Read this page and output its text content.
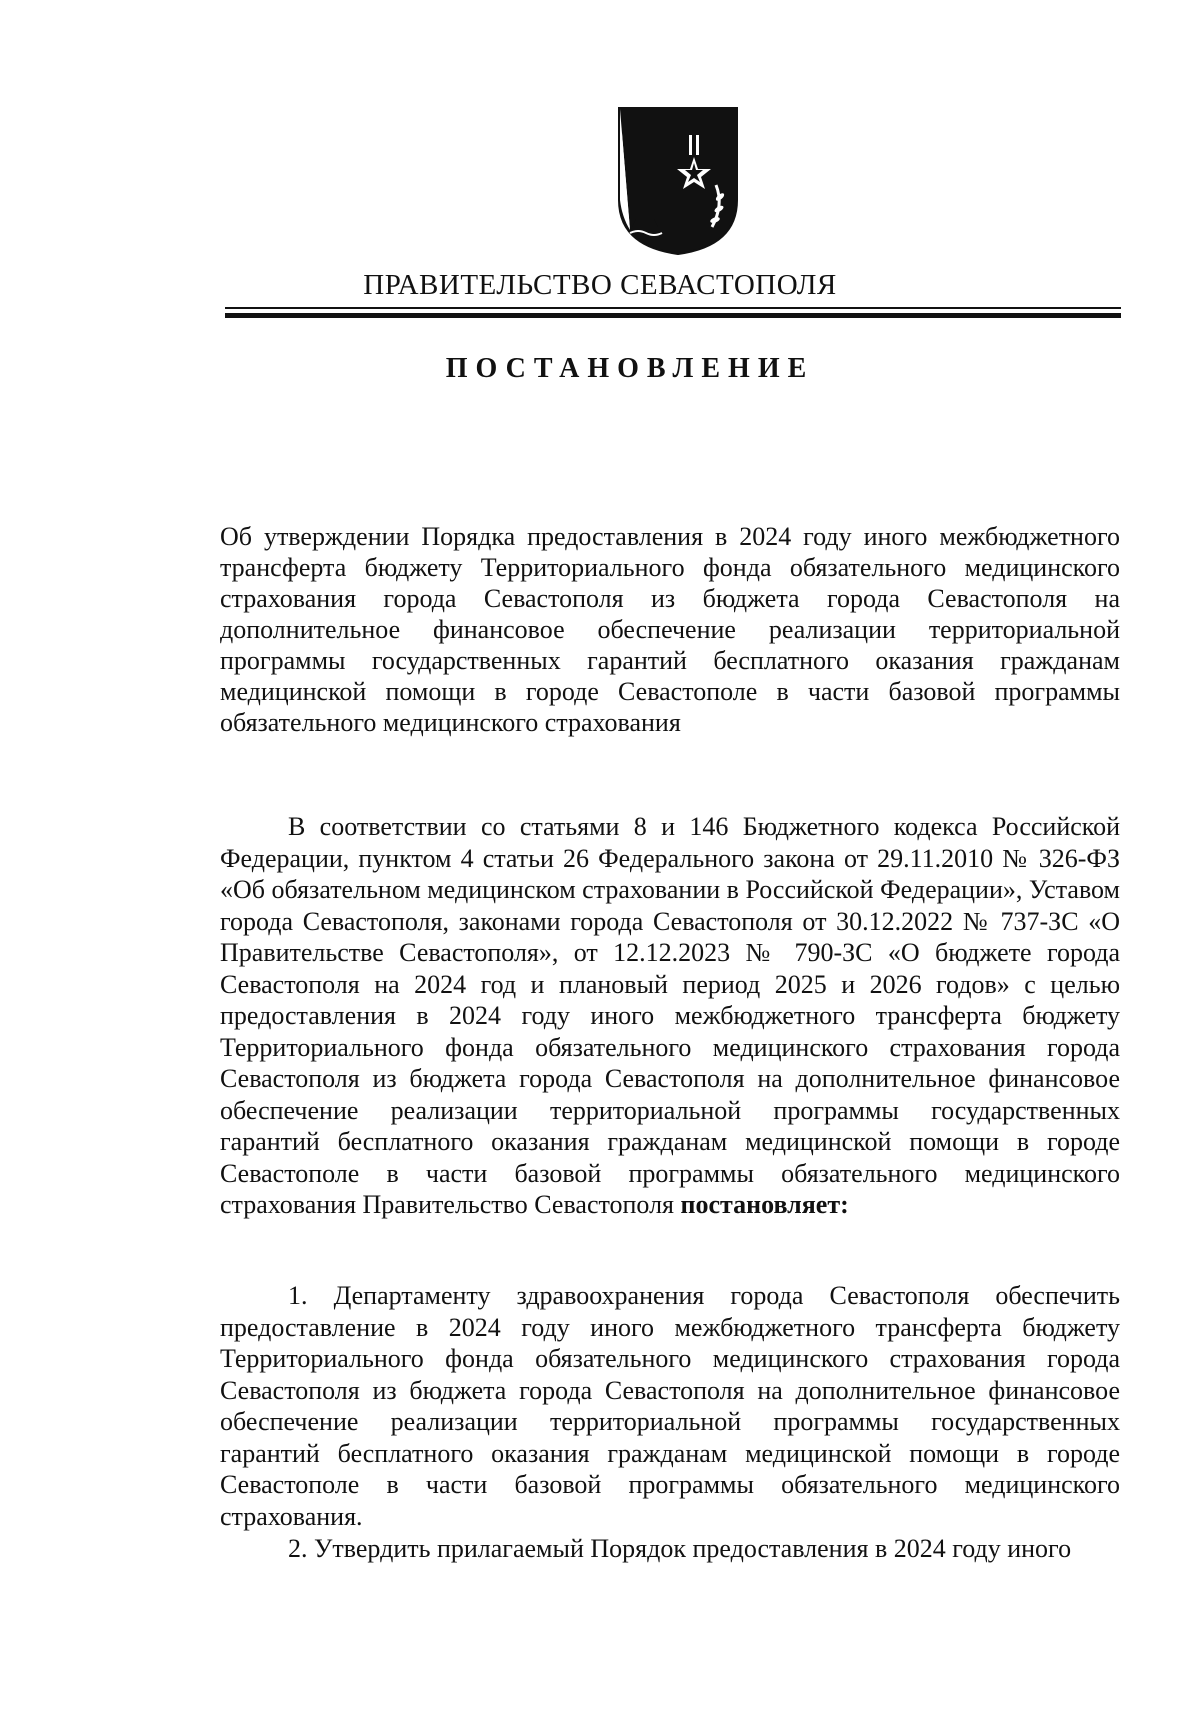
ПРАВИТЕЛЬСТВО СЕВАСТОПОЛЯ
ПОСТАНОВЛЕНИЕ

Об утверждении Порядка предоставления в 2024 году иного межбюджетного трансферта бюджету Территориального фонда обязательного медицинского страхования города Севастополя из бюджета города Севастополя на дополнительное финансовое обеспечение реализации территориальной программы государственных гарантий бесплатного оказания гражданам медицинской помощи в городе Севастополе в части базовой программы обязательного медицинского страхования

В соответствии со статьями 8 и 146 Бюджетного кодекса Российской Федерации, пунктом 4 статьи 26 Федерального закона от 29.11.2010 № 326-ФЗ «Об обязательном медицинском страховании в Российской Федерации», Уставом города Севастополя, законами города Севастополя от 30.12.2022 № 737-ЗС «О Правительстве Севастополя», от 12.12.2023 № 790-ЗС «О бюджете города Севастополя на 2024 год и плановый период 2025 и 2026 годов» с целью предоставления в 2024 году иного межбюджетного трансферта бюджету Территориального фонда обязательного медицинского страхования города Севастополя из бюджета города Севастополя на дополнительное финансовое обеспечение реализации территориальной программы государственных гарантий бесплатного оказания гражданам медицинской помощи в городе Севастополе в части базовой программы обязательного медицинского страхования Правительство Севастополя постановляет:

1. Департаменту здравоохранения города Севастополя обеспечить предоставление в 2024 году иного межбюджетного трансферта бюджету Территориального фонда обязательного медицинского страхования города Севастополя из бюджета города Севастополя на дополнительное финансовое обеспечение реализации территориальной программы государственных гарантий бесплатного оказания гражданам медицинской помощи в городе Севастополе в части базовой программы обязательного медицинского страхования.

2. Утвердить прилагаемый Порядок предоставления в 2024 году иного
